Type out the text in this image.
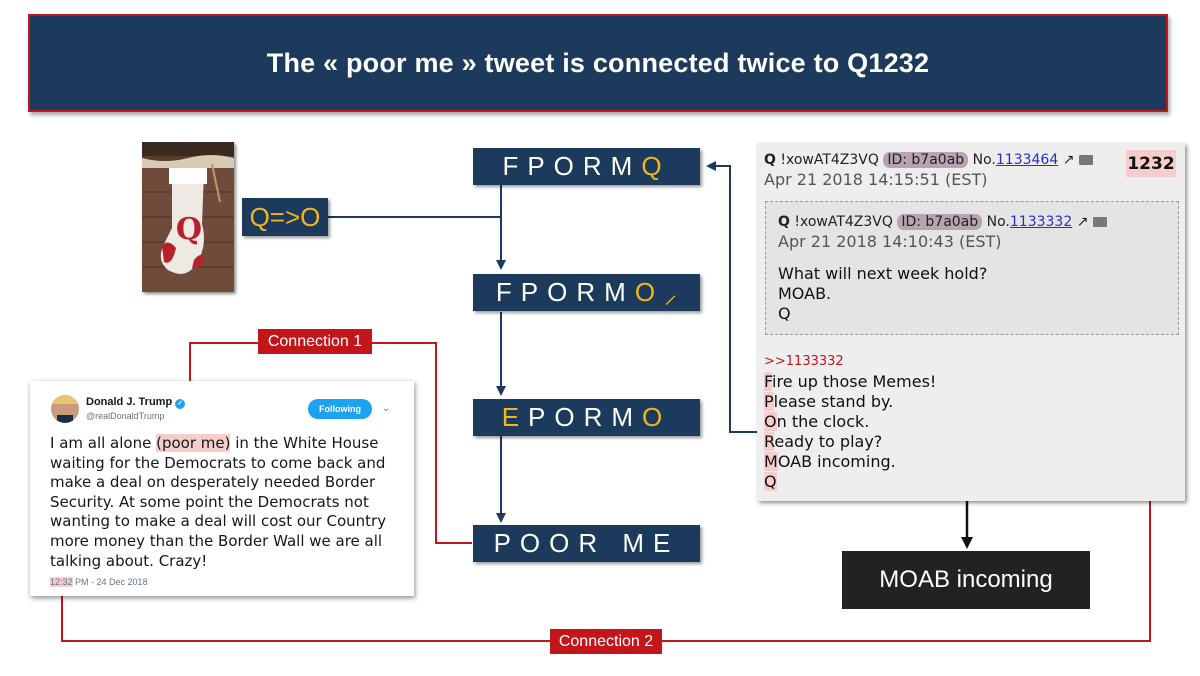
The « poor me » tweet is connected twice to Q1232
Q Q=>O
FPORM Q
FPORM O ⸝
E PORM O
POOR ME
Q !xowAT4Z3VQ ID: b7a0ab No.1133464 ↗
Apr 21 2018 14:15:51 (EST)
Q !xowAT4Z3VQ ID: b7a0ab No.1133332 ↗
Apr 21 2018 14:10:43 (EST)
What will next week hold?
MOAB.
Q
>>1133332
Fire up those Memes!
Please stand by.
On the clock.
Ready to play?
MOAB incoming.
Q
1232
MOAB incoming
Donald J. Trump ✓
@realDonaldTrump
Following ⌄
I am all alone (poor me) in the White House waiting for the Democrats to come back and make a deal on desperately needed Border Security. At some point the Democrats not wanting to make a deal will cost our Country more money than the Border Wall we are all talking about. Crazy!
12:32 PM - 24 Dec 2018
Connection 1
Connection 2
